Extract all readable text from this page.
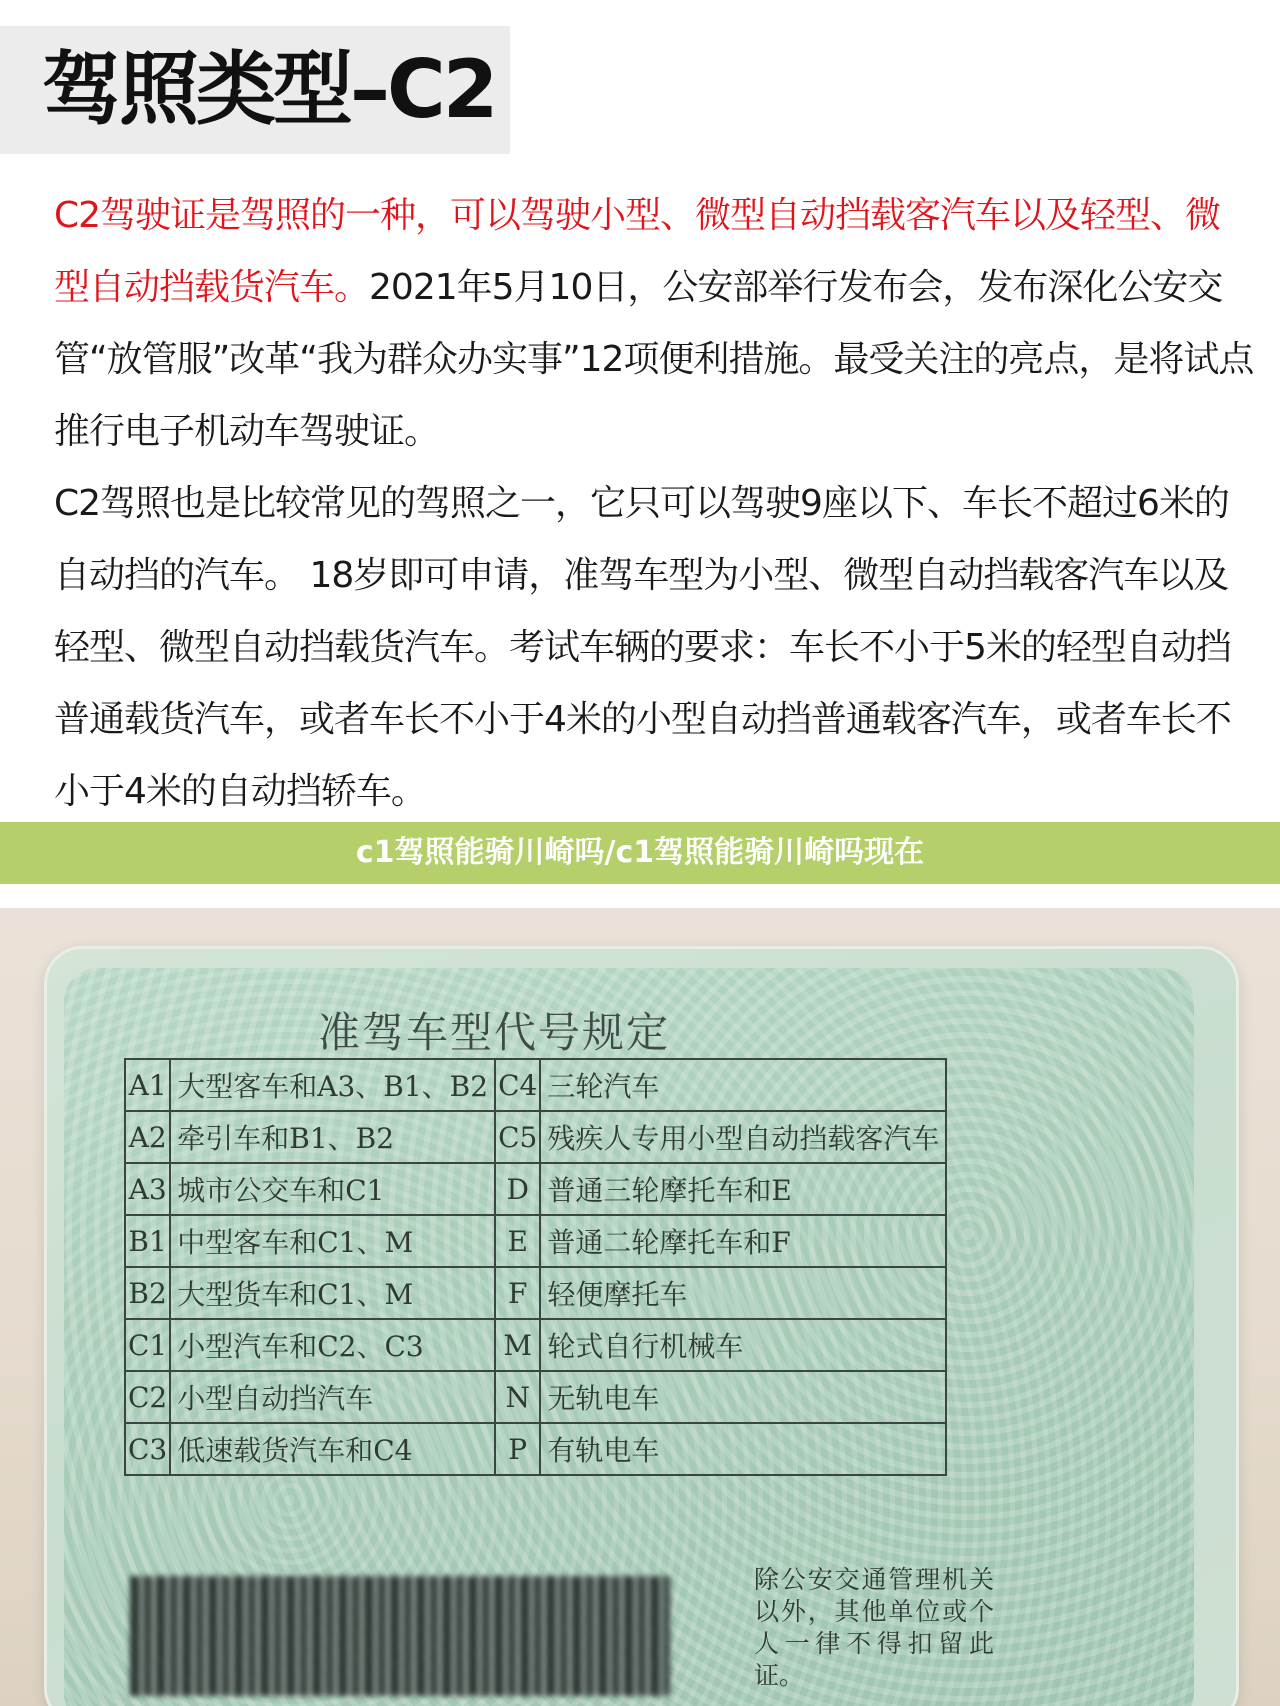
驾照类型–C2

C2驾驶证是驾照的一种，可以驾驶小型、微型自动挡载客汽车以及轻型、微型自动挡载货汽车。2021年5月10日，公安部举行发布会，发布深化公安交管“放管服”改革“我为群众办实事”12项便利措施。最受关注的亮点，是将试点推行电子机动车驾驶证。

C2驾照也是比较常见的驾照之一，它只可以驾驶9座以下、车长不超过6米的自动挡的汽车。 18岁即可申请，准驾车型为小型、微型自动挡载客汽车以及轻型、微型自动挡载货汽车。考试车辆的要求：车长不小于5米的轻型自动挡普通载货汽车，或者车长不小于4米的小型自动挡普通载客汽车，或者车长不小于4米的自动挡轿车。

c1驾照能骑川崎吗/c1驾照能骑川崎吗现在
准驾车型代号规定
A1	大型客车和A3、B1、B2	C4	三轮汽车
A2	牵引车和B1、B2	C5	残疾人专用小型自动挡载客汽车
A3	城市公交车和C1	D	普通三轮摩托车和E
B1	中型客车和C1、M	E	普通二轮摩托车和F
B2	大型货车和C1、M	F	轻便摩托车
C1	小型汽车和C2、C3	M	轮式自行机械车
C2	小型自动挡汽车	N	无轨电车
C3	低速载货汽车和C4	P	有轨电车
除公安交通管理机关以外，其他单位或个人一律不得扣留此证。
